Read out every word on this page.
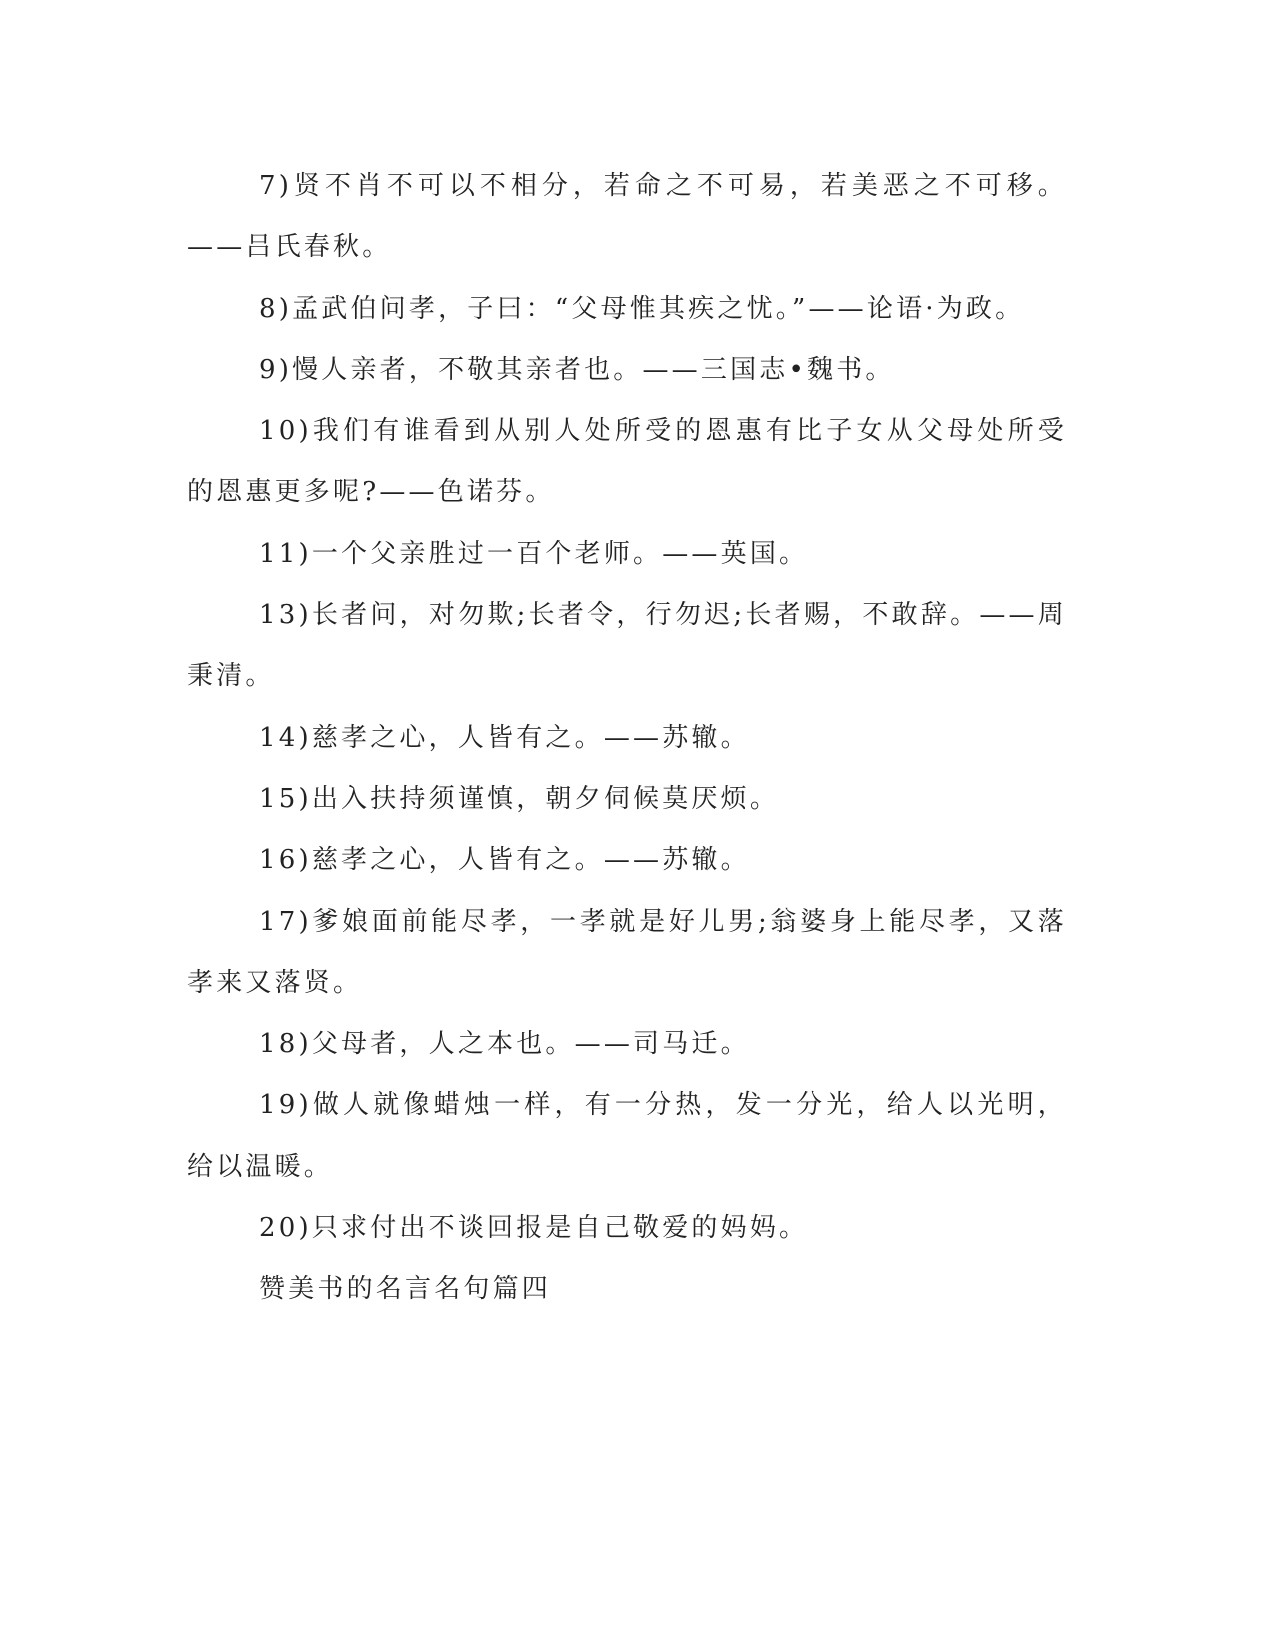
7)贤不肖不可以不相分，若命之不可易，若美恶之不可移。——吕氏春秋。

8)孟武伯问孝，子曰：“父母惟其疾之忧。”——论语·为政。

9)慢人亲者，不敬其亲者也。——三国志•魏书。

10)我们有谁看到从别人处所受的恩惠有比子女从父母处所受的恩惠更多呢?——色诺芬。

11)一个父亲胜过一百个老师。——英国。

13)长者问，对勿欺;长者令，行勿迟;长者赐，不敢辞。——周秉清。

14)慈孝之心，人皆有之。——苏辙。

15)出入扶持须谨慎，朝夕伺候莫厌烦。

16)慈孝之心，人皆有之。——苏辙。

17)爹娘面前能尽孝，一孝就是好儿男;翁婆身上能尽孝，又落孝来又落贤。

18)父母者，人之本也。——司马迁。

19)做人就像蜡烛一样，有一分热，发一分光，给人以光明，给以温暖。

20)只求付出不谈回报是自己敬爱的妈妈。

赞美书的名言名句篇四
